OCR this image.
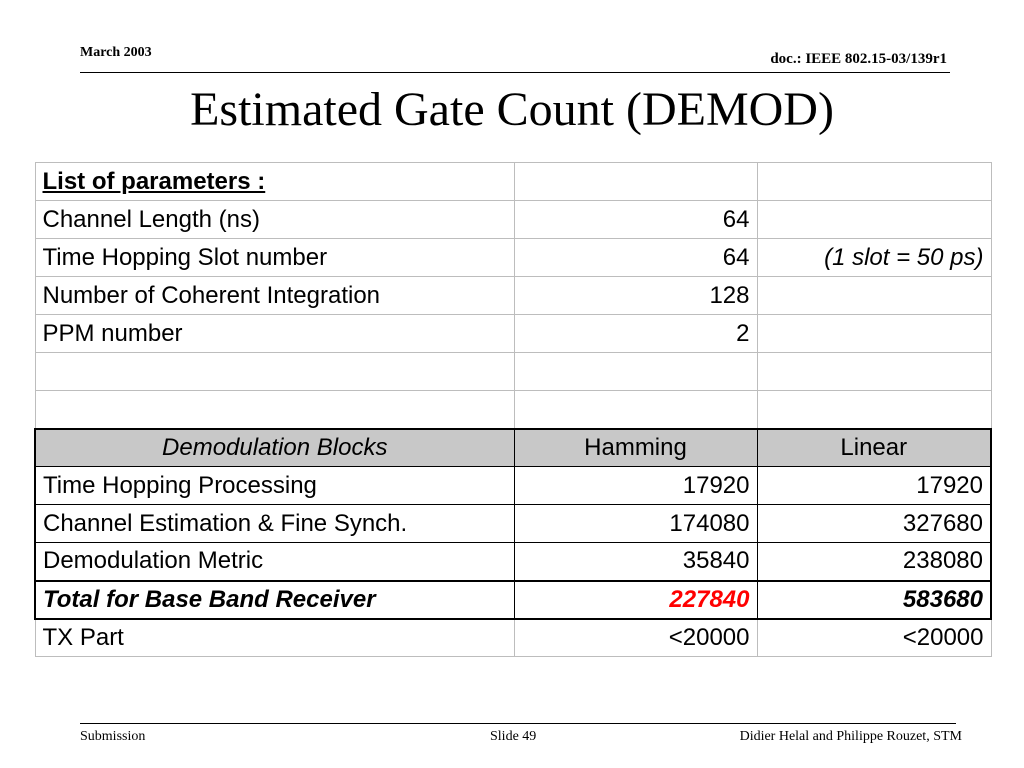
March 2003	doc.: IEEE 802.15-03/139r1
Estimated Gate Count (DEMOD)
List of parameters :		
Channel Length (ns)	64	
Time Hopping Slot number	64	(1 slot = 50 ps)
Number of Coherent Integration	128	
PPM number	2	

Demodulation Blocks	Hamming	Linear
Time Hopping Processing	17920	17920
Channel Estimation & Fine Synch.	174080	327680
Demodulation Metric	35840	238080
Total for Base Band Receiver	227840	583680
TX Part	<20000	<20000
Submission	Slide 49	Didier Helal and Philippe Rouzet, STM
